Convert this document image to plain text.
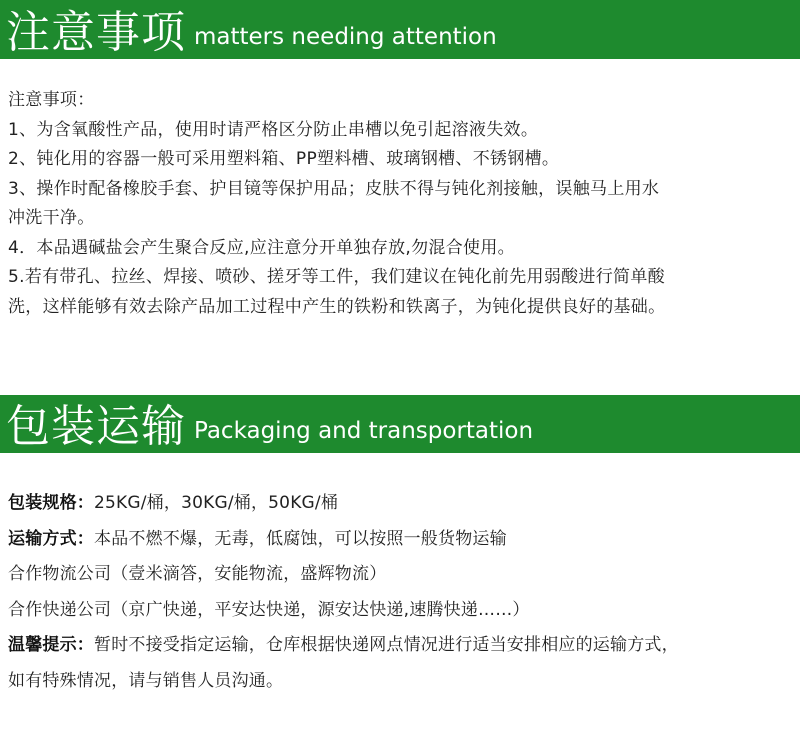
注意事项 matters needing attention
注意事项：
1、为含氧酸性产品，使用时请严格区分防止串槽以免引起溶液失效。
2、钝化用的容器一般可采用塑料箱、PP塑料槽、玻璃钢槽、不锈钢槽。
3、操作时配备橡胶手套、护目镜等保护用品；皮肤不得与钝化剂接触，误触马上用水
冲洗干净。
4．本品遇碱盐会产生聚合反应,应注意分开单独存放,勿混合使用。
5.若有带孔、拉丝、焊接、喷砂、搓牙等工件，我们建议在钝化前先用弱酸进行简单酸
洗，这样能够有效去除产品加工过程中产生的铁粉和铁离子，为钝化提供良好的基础。
包装运输 Packaging and transportation
包装规格：25KG/桶，30KG/桶，50KG/桶
运输方式：本品不燃不爆，无毒，低腐蚀，可以按照一般货物运输
合作物流公司（壹米滴答，安能物流，盛辉物流）
合作快递公司（京广快递，平安达快递，源安达快递,速腾快递……）
温馨提示：暂时不接受指定运输，仓库根据快递网点情况进行适当安排相应的运输方式，
如有特殊情况，请与销售人员沟通。
